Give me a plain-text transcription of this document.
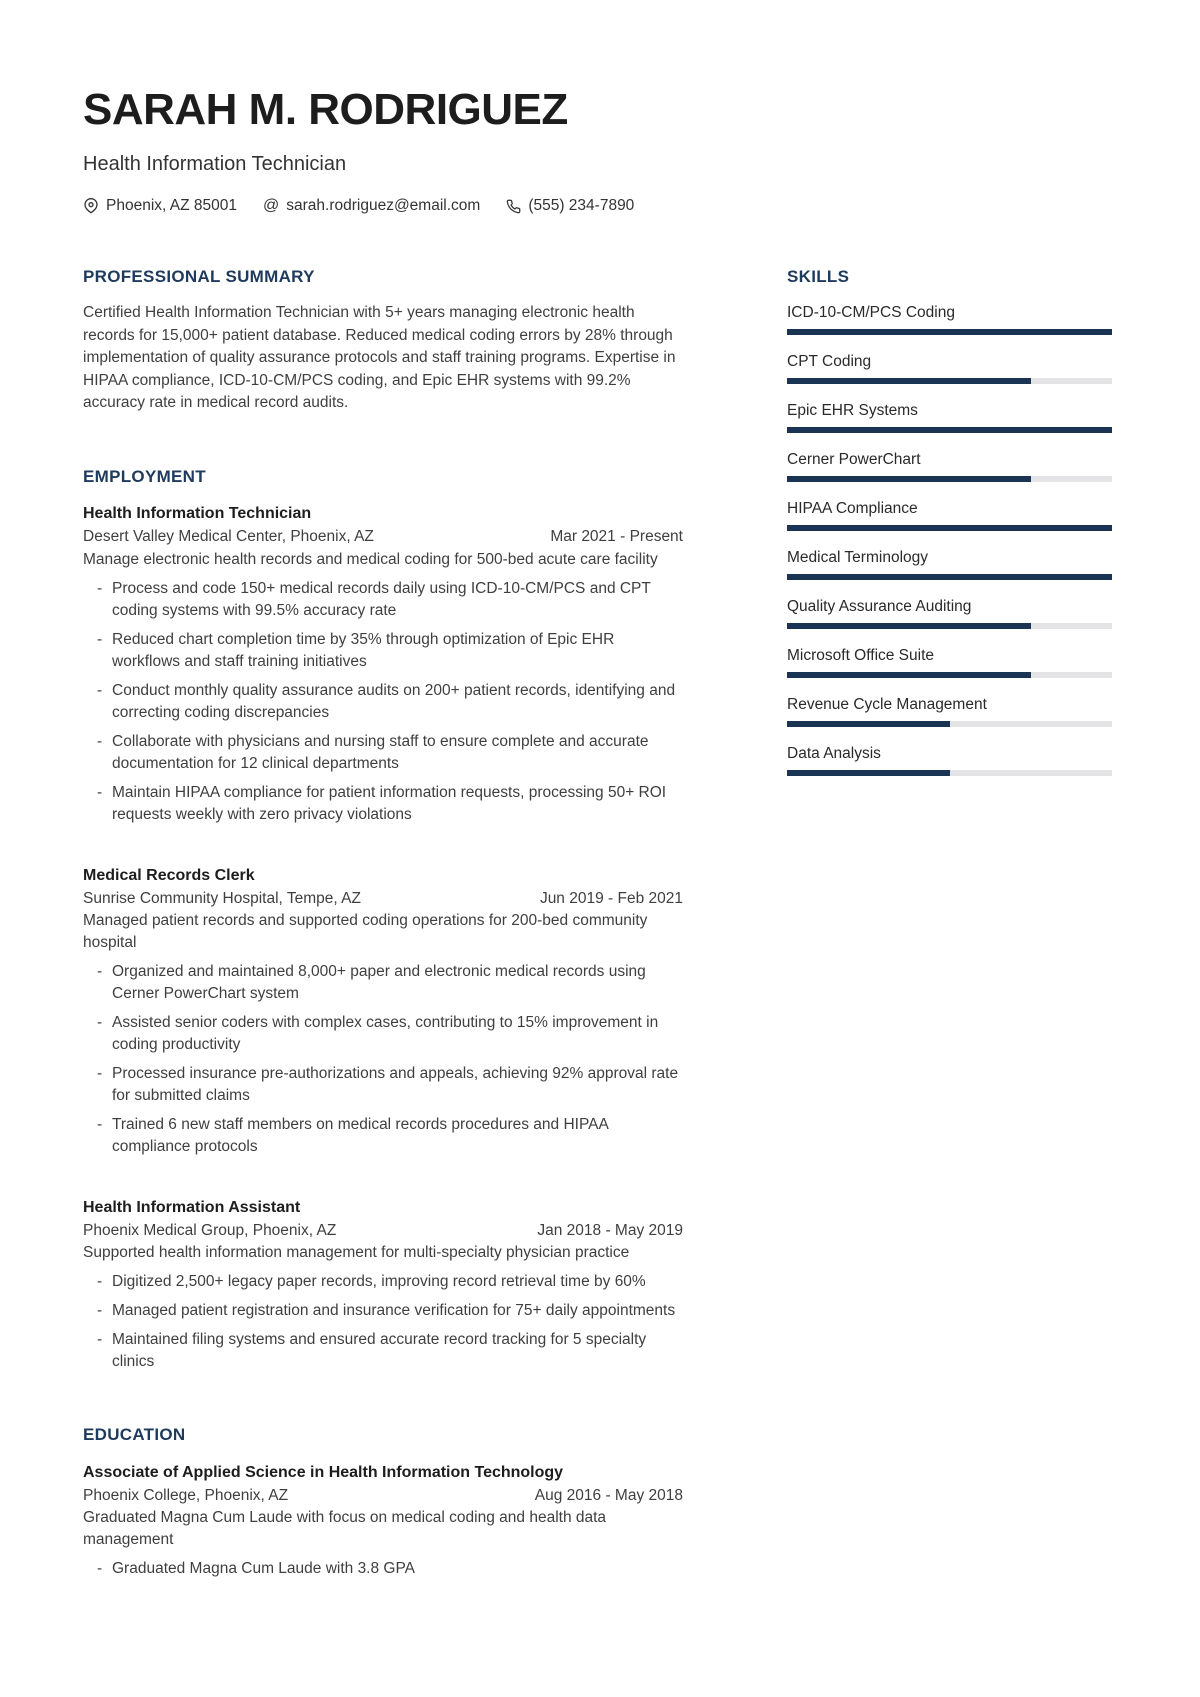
SARAH M. RODRIGUEZ
Health Information Technician
Phoenix, AZ 85001 @ sarah.rodriguez@email.com	(555) 234-7890
PROFESSIONAL SUMMARY

Certified Health Information Technician with 5+ years managing electronic health records for 15,000+ patient database. Reduced medical coding errors by 28% through implementation of quality assurance protocols and staff training programs. Expertise in HIPAA compliance, ICD-10-CM/PCS coding, and Epic EHR systems with 99.2% accuracy rate in medical record audits.

EMPLOYMENT
Health Information Technician
Desert Valley Medical Center, Phoenix, AZ	Mar 2021 - Present
Manage electronic health records and medical coding for 500-bed acute care facility
- Process and code 150+ medical records daily using ICD-10-CM/PCS and CPT coding systems with 99.5% accuracy rate
- Reduced chart completion time by 35% through optimization of Epic EHR workflows and staff training initiatives
- Conduct monthly quality assurance audits on 200+ patient records, identifying and correcting coding discrepancies
- Collaborate with physicians and nursing staff to ensure complete and accurate documentation for 12 clinical departments
- Maintain HIPAA compliance for patient information requests, processing 50+ ROI requests weekly with zero privacy violations
Medical Records Clerk
Sunrise Community Hospital, Tempe, AZ	Jun 2019 - Feb 2021
Managed patient records and supported coding operations for 200-bed community hospital
- Organized and maintained 8,000+ paper and electronic medical records using Cerner PowerChart system
- Assisted senior coders with complex cases, contributing to 15% improvement in coding productivity
- Processed insurance pre-authorizations and appeals, achieving 92% approval rate for submitted claims
- Trained 6 new staff members on medical records procedures and HIPAA compliance protocols
Health Information Assistant
Phoenix Medical Group, Phoenix, AZ	Jan 2018 - May 2019
Supported health information management for multi-specialty physician practice
- Digitized 2,500+ legacy paper records, improving record retrieval time by 60%
- Managed patient registration and insurance verification for 75+ daily appointments
- Maintained filing systems and ensured accurate record tracking for 5 specialty clinics
EDUCATION
Associate of Applied Science in Health Information Technology
Phoenix College, Phoenix, AZ	Aug 2016 - May 2018
Graduated Magna Cum Laude with focus on medical coding and health data management
- Graduated Magna Cum Laude with 3.8 GPA
SKILLS
ICD-10-CM/PCS Coding
CPT Coding
Epic EHR Systems
Cerner PowerChart
HIPAA Compliance
Medical Terminology
Quality Assurance Auditing
Microsoft Office Suite
Revenue Cycle Management
Data Analysis
